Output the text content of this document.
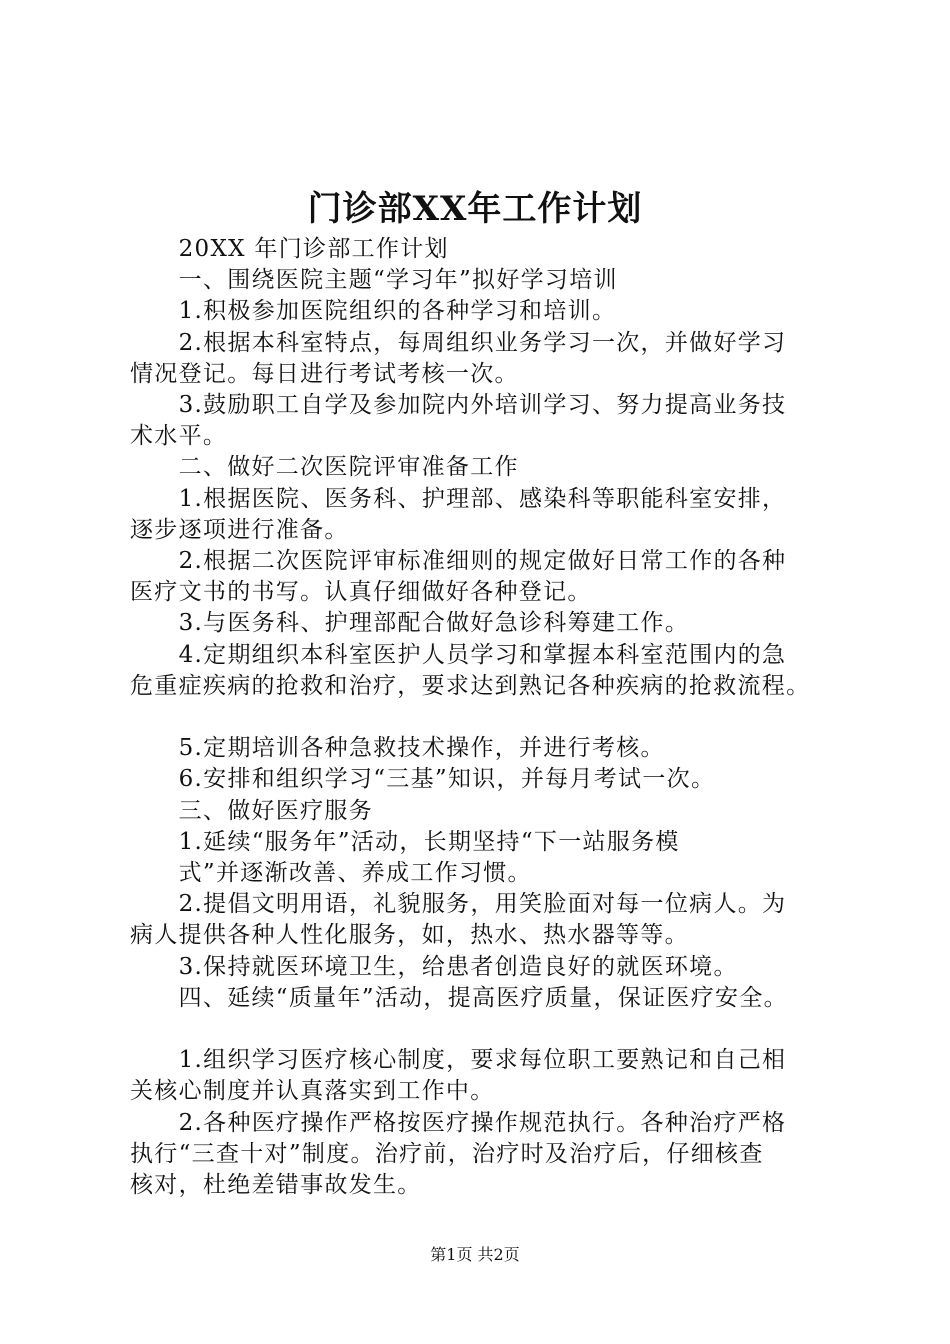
门诊部XX年工作计划

　　20XX 年门诊部工作计划

　　一、围绕医院主题“学习年”拟好学习培训

　　1.积极参加医院组织的各种学习和培训。

　　2.根据本科室特点，每周组织业务学习一次，并做好学习

情况登记。每日进行考试考核一次。

　　3.鼓励职工自学及参加院内外培训学习、努力提高业务技

术水平。

　　二、做好二次医院评审准备工作

　　1.根据医院、医务科、护理部、感染科等职能科室安排，

逐步逐项进行准备。

　　2.根据二次医院评审标准细则的规定做好日常工作的各种

医疗文书的书写。认真仔细做好各种登记。

　　3.与医务科、护理部配合做好急诊科筹建工作。

　　4.定期组织本科室医护人员学习和掌握本科室范围内的急

危重症疾病的抢救和治疗，要求达到熟记各种疾病的抢救流程。

　　5.定期培训各种急救技术操作，并进行考核。

　　6.安排和组织学习“三基”知识，并每月考试一次。

　　三、做好医疗服务

　　1.延续“服务年”活动，长期坚持“下一站服务模

　　式”并逐渐改善、养成工作习惯。

　　2.提倡文明用语，礼貌服务，用笑脸面对每一位病人。为

病人提供各种人性化服务，如，热水、热水器等等。

　　3.保持就医环境卫生，给患者创造良好的就医环境。

　　四、延续“质量年”活动，提高医疗质量，保证医疗安全。

　　1.组织学习医疗核心制度，要求每位职工要熟记和自己相

关核心制度并认真落实到工作中。

　　2.各种医疗操作严格按医疗操作规范执行。各种治疗严格

执行“三查十对”制度。治疗前，治疗时及治疗后，仔细核查

核对，杜绝差错事故发生。

第1页 共2页
